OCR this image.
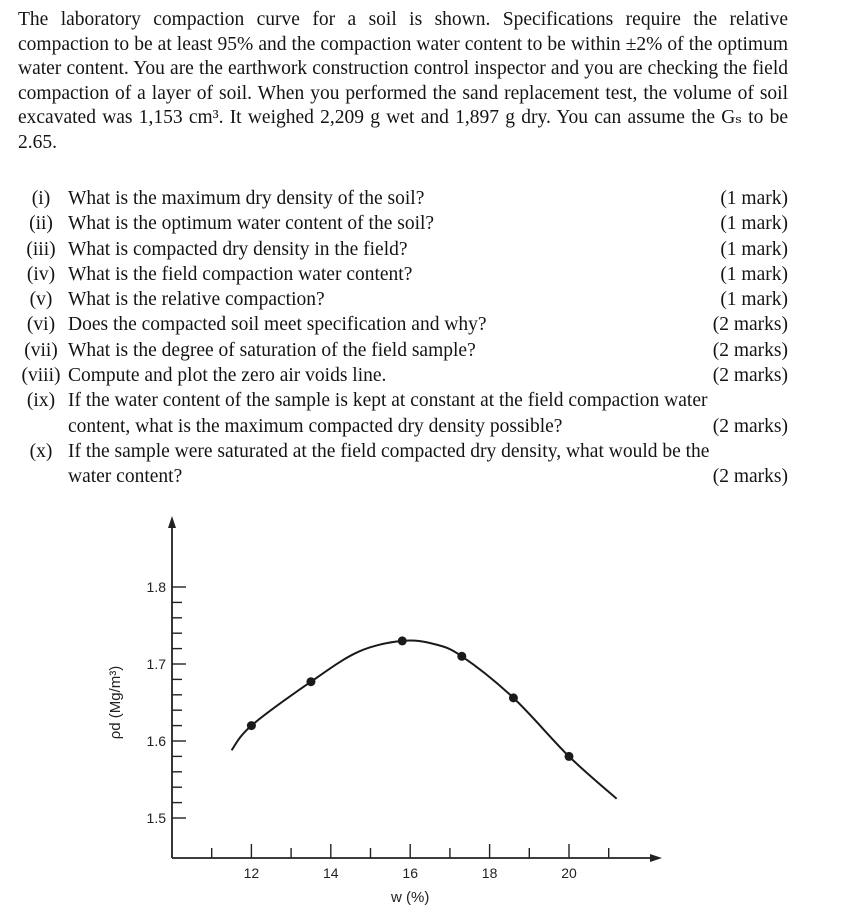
The laboratory compaction curve for a soil is shown. Specifications require the relative compaction to be at least 95% and the compaction water content to be within ±2% of the optimum water content. You are the earthwork construction control inspector and you are checking the field compaction of a layer of soil. When you performed the sand replacement test, the volume of soil excavated was 1,153 cm³. It weighed 2,209 g wet and 1,897 g dry. You can assume the Gₛ to be 2.65.

(i) What is the maximum dry density of the soil?	(1 mark)
(ii) What is the optimum water content of the soil?	(1 mark)
(iii) What is compacted dry density in the field?	(1 mark)
(iv) What is the field compaction water content?	(1 mark)
(v) What is the relative compaction?	(1 mark)
(vi) Does the compacted soil meet specification and why?	(2 marks)
(vii) What is the degree of saturation of the field sample?	(2 marks)
(viii) Compute and plot the zero air voids line.	(2 marks)
(ix) If the water content of the sample is kept at constant at the field compaction water
content, what is the maximum compacted dry density possible?	(2 marks)
(x) If the sample were saturated at the field compacted dry density, what would be the
water content?	(2 marks)
1.5
1.6
1.7
1.8
12	14	16	18	20
w (%)
ρd (Mg/m³)
